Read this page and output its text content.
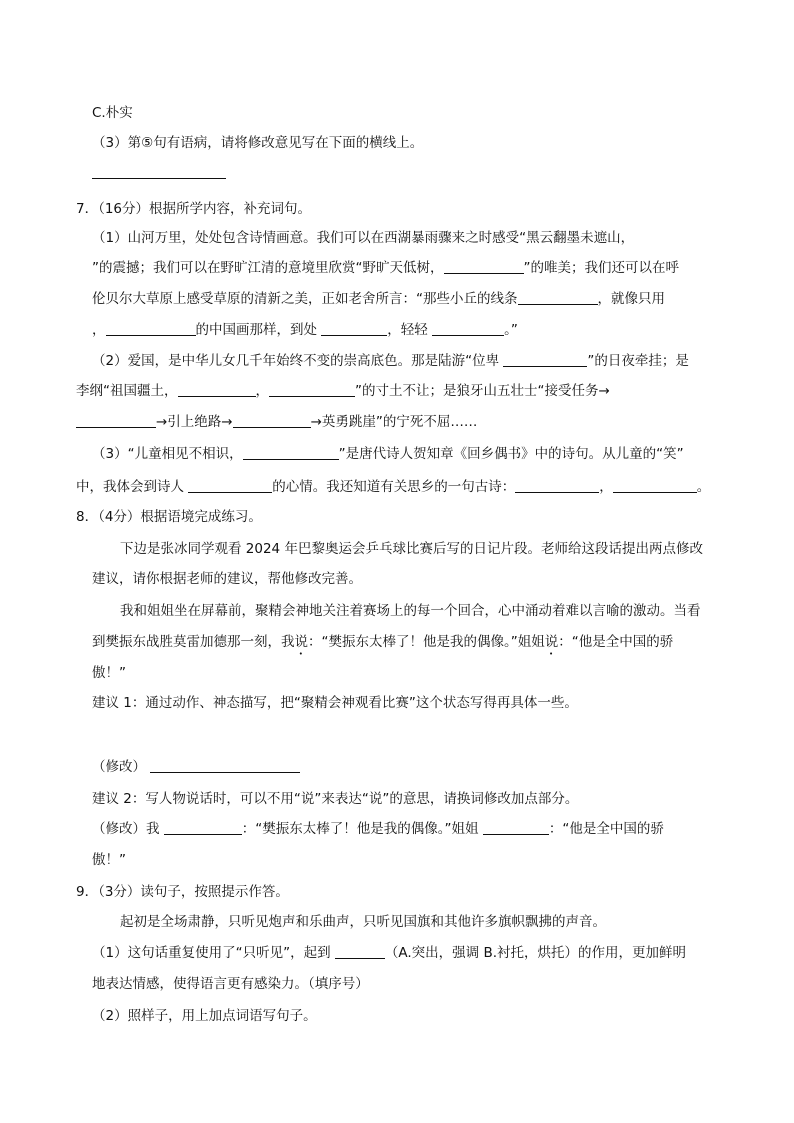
C.朴实
（3）第⑤句有语病，请将修改意见写在下面的横线上。
7．（16分）根据所学内容，补充词句。
（1）山河万里，处处包含诗情画意。我们可以在西湖暴雨骤来之时感受“黑云翻墨未遮山，
”的震撼；我们可以在野旷江清的意境里欣赏“野旷天低树，	”的唯美；我们还可以在呼
伦贝尔大草原上感受草原的清新之美，正如老舍所言：“那些小丘的线条	，就像只用
，	的中国画那样，到处	，轻轻	。”
（2）爱国，是中华儿女几千年始终不变的崇高底色。那是陆游“位卑	”的日夜牵挂；是
李纲“祖国疆土，	，	”的寸土不让；是狼牙山五壮士“接受任务→
→引上绝路→	→英勇跳崖”的宁死不屈……
（3）“儿童相见不相识，	”是唐代诗人贺知章《回乡偶书》中的诗句。从儿童的“笑”
中，我体会到诗人	的心情。我还知道有关思乡的一句古诗：	，	。
8．（4分）根据语境完成练习。
下边是张冰同学观看 2024 年巴黎奥运会乒乓球比赛后写的日记片段。老师给这段话提出两点修改
建议，请你根据老师的建议，帮他修改完善。
我和姐姐坐在屏幕前，聚精会神地关注着赛场上的每一个回合，心中涌动着难以言喻的激动。当看
到樊振东战胜莫雷加德那一刻，我说：“樊振东太棒了！他是我的偶像。”姐姐说：“他是全中国的骄
傲！”
建议 1：通过动作、神态描写，把“聚精会神观看比赛”这个状态写得再具体一些。
（修改）
建议 2：写人物说话时，可以不用“说”来表达“说”的意思，请换词修改加点部分。
（修改）我	：“樊振东太棒了！他是我的偶像。”姐姐	：“他是全中国的骄
傲！”
9．（3分）读句子，按照提示作答。
起初是全场肃静，只听见炮声和乐曲声，只听见国旗和其他许多旗帜飘拂的声音。
（1）这句话重复使用了“只听见”，起到	（A.突出，强调 B.衬托，烘托）的作用，更加鲜明
地表达情感，使得语言更有感染力。（填序号）
（2）照样子，用上加点词语写句子。
